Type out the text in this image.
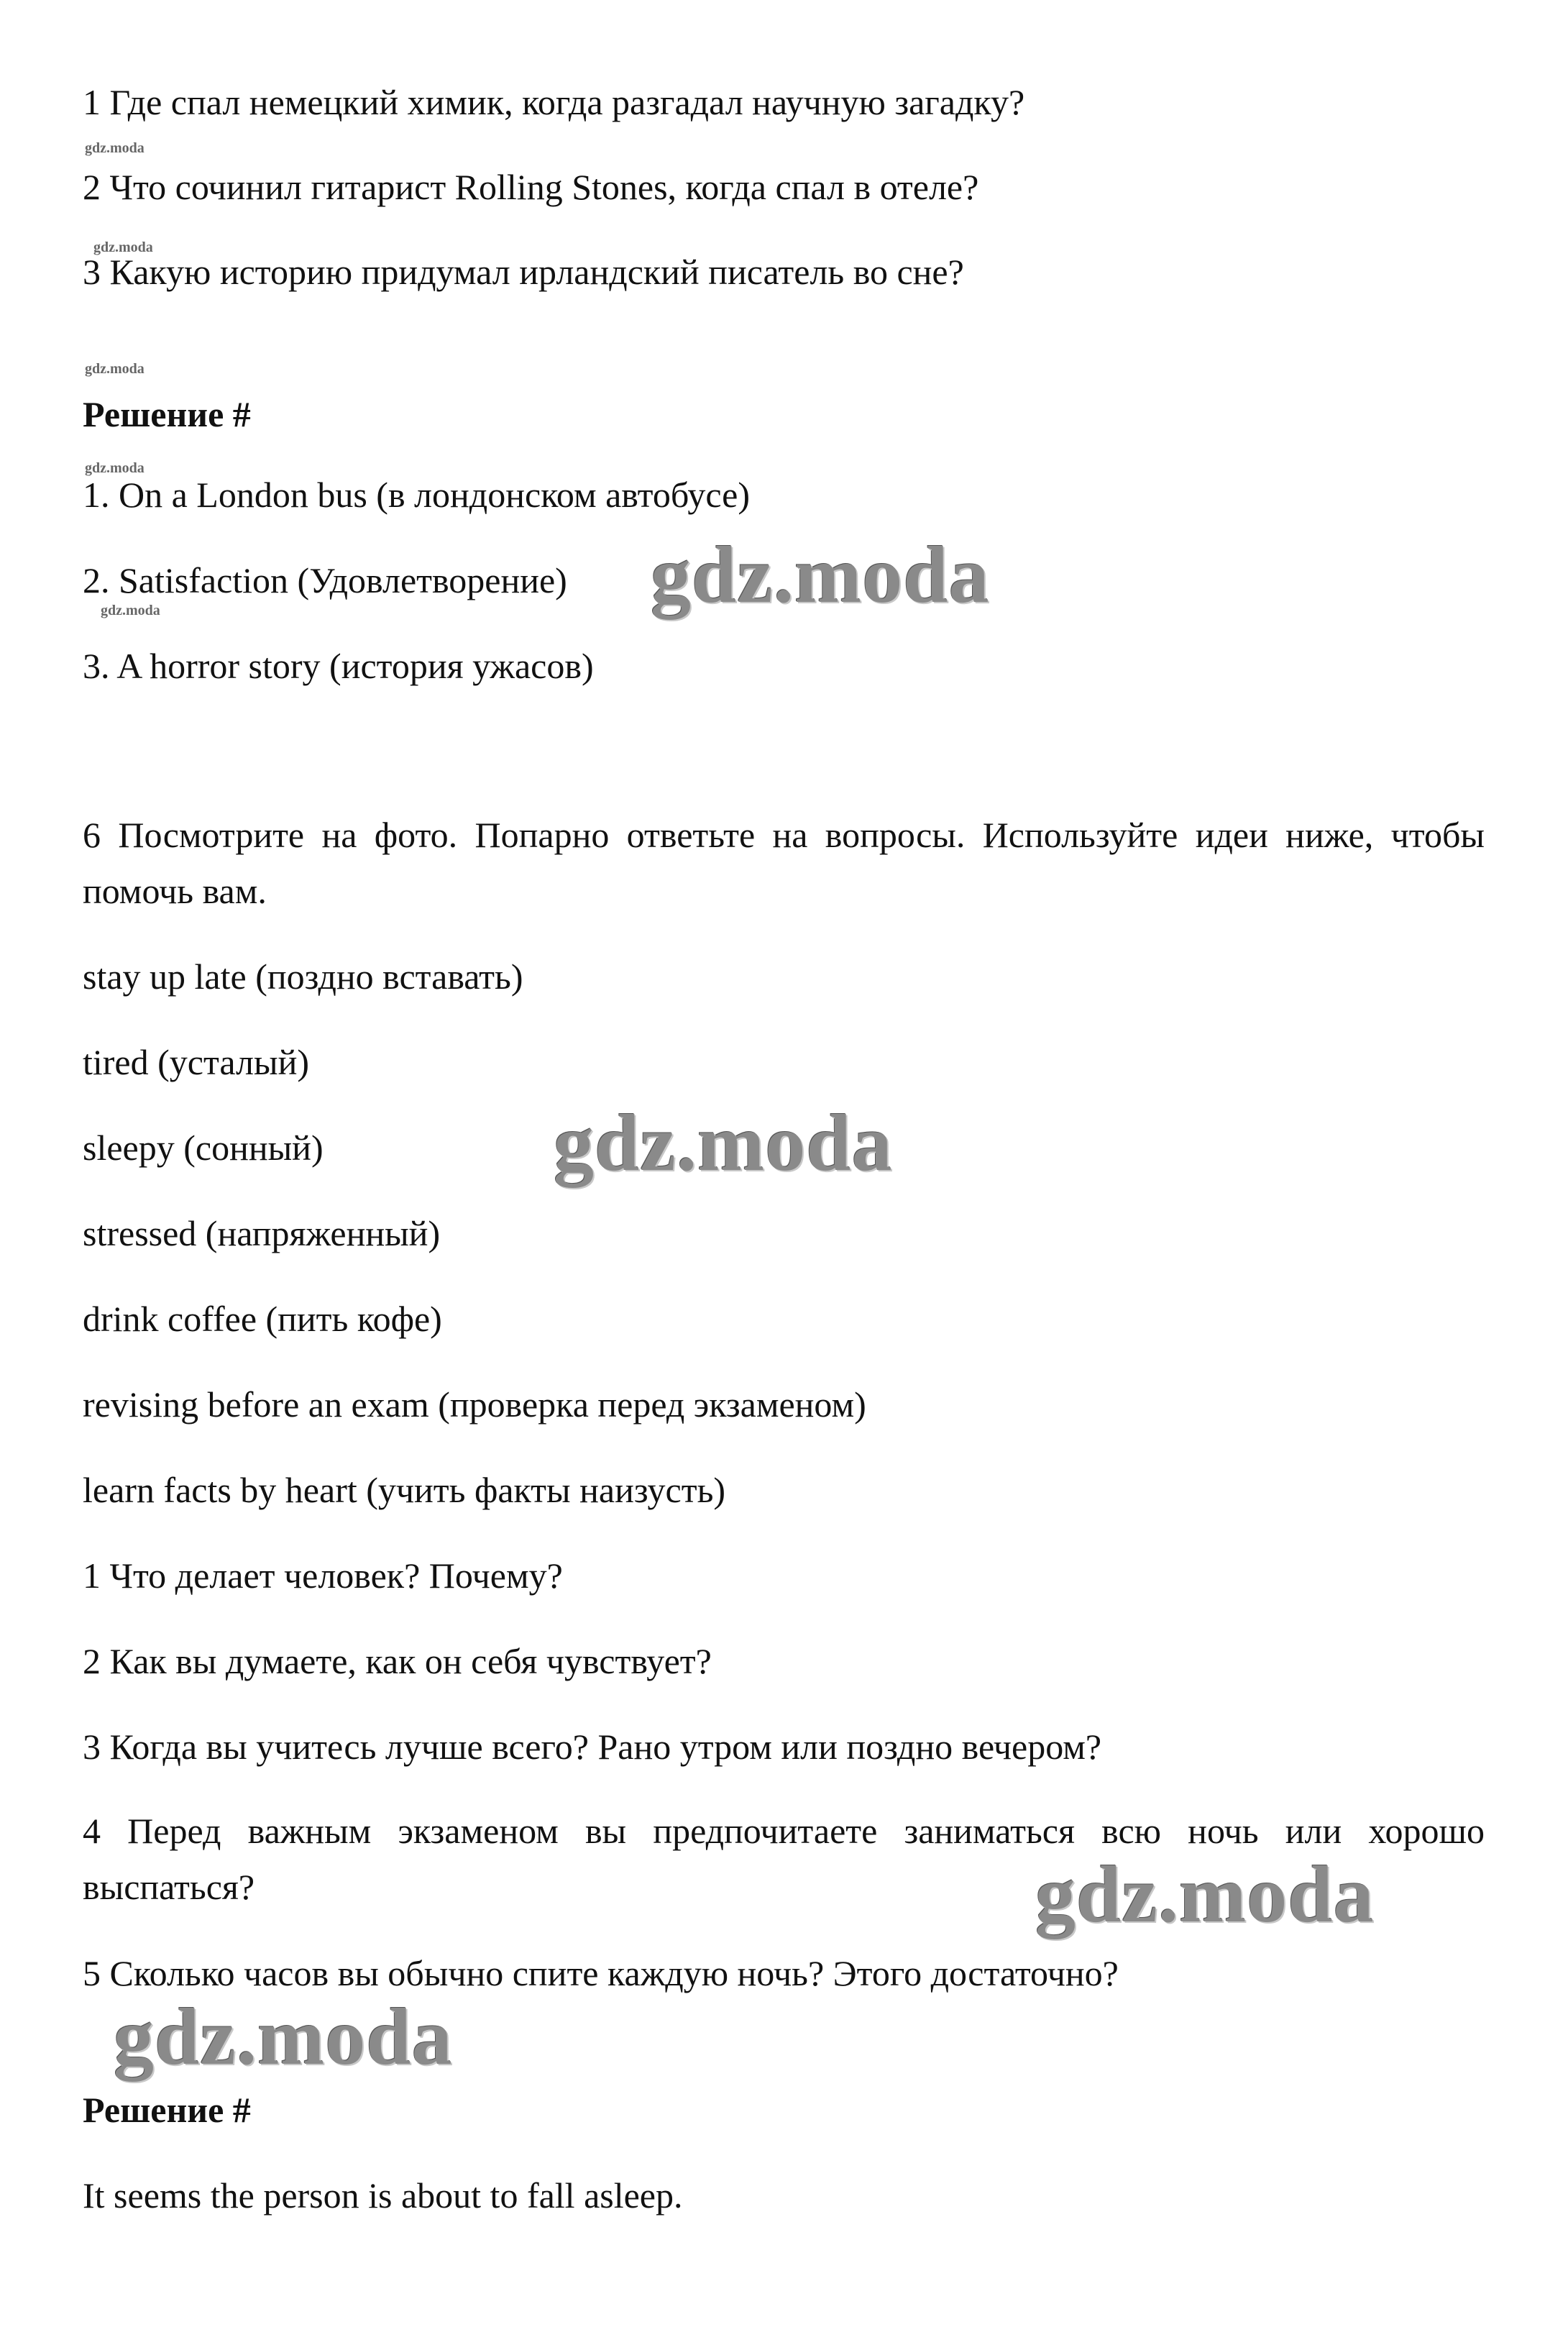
1 Где спал немецкий химик, когда разгадал научную загадку?
gdz.moda
2 Что сочинил гитарист Rolling Stones, когда спал в отеле?
gdz.moda
3 Какую историю придумал ирландский писатель во сне?
gdz.moda
Решение #
gdz.moda
1. On a London bus (в лондонском автобусе)
2. Satisfaction (Удовлетворение) gdz.moda
gdz.moda
3. A horror story (история ужасов)
6 Посмотрите на фото. Попарно ответьте на вопросы. Используйте идеи ниже, чтобы помочь вам.
stay up late (поздно вставать)
tired (усталый)
sleepy (сонный)	gdz.moda
stressed (напряженный)
drink coffee (пить кофе)
revising before an exam (проверка перед экзаменом)
learn facts by heart (учить факты наизусть)
1 Что делает человек? Почему?
2 Как вы думаете, как он себя чувствует?
3 Когда вы учитесь лучше всего? Рано утром или поздно вечером?
4 Перед важным экзаменом вы предпочитаете заниматься всю ночь или хорошо выспаться?	gdz.moda
5 Сколько часов вы обычно спите каждую ночь? Этого достаточно?
gdz.moda
Решение #
It seems the person is about to fall asleep.
